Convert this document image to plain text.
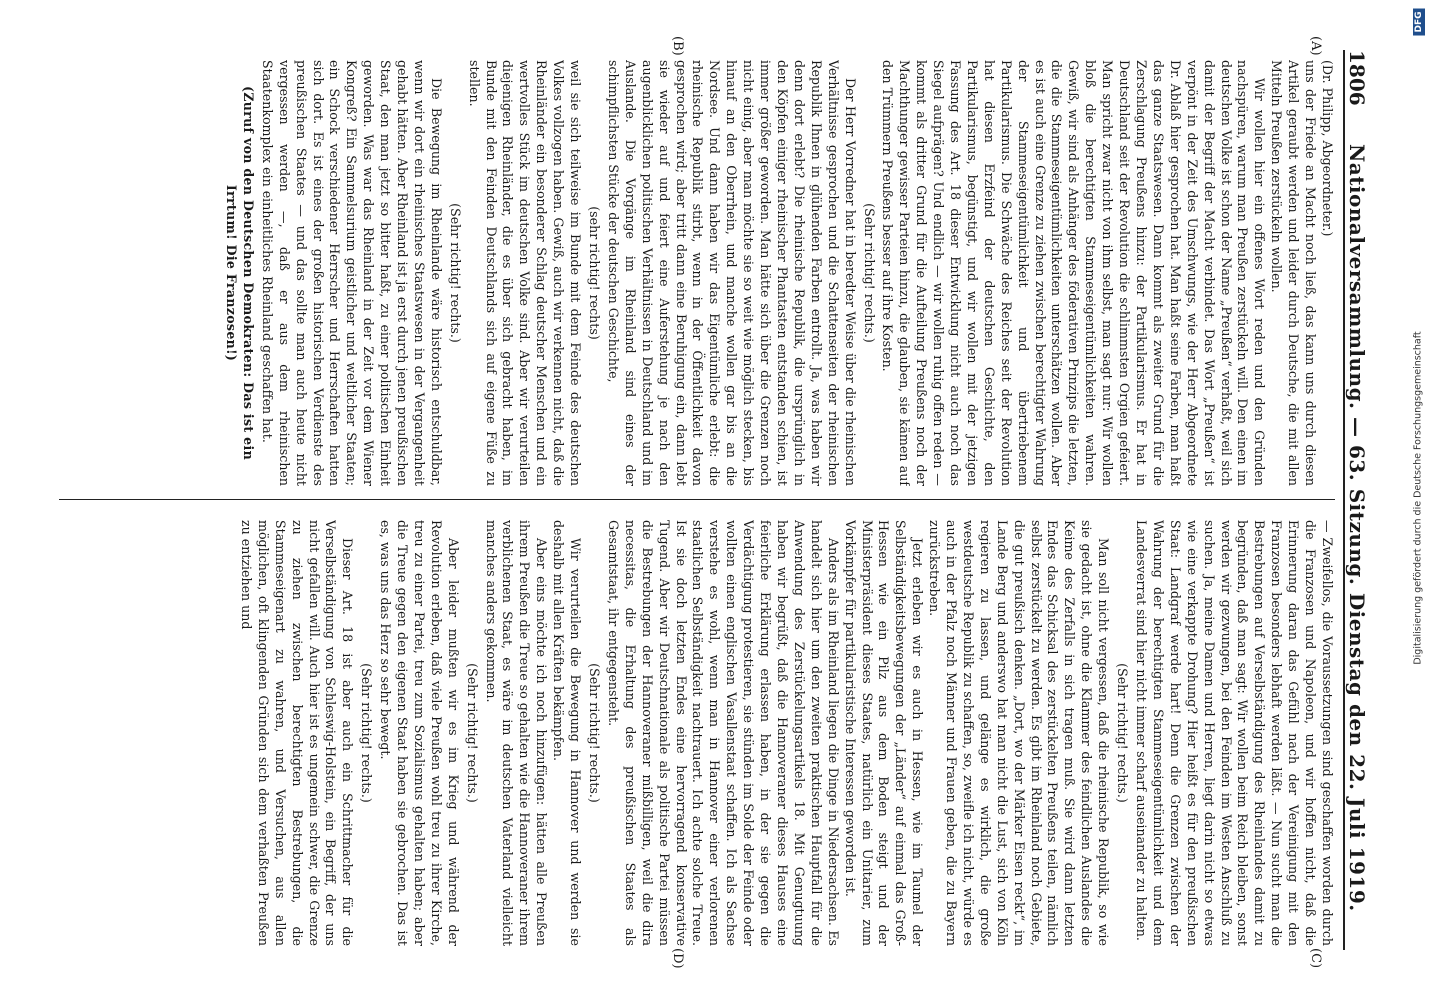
1806
Nationalversammlung. — 63. Sitzung. Dienstag den 22. Juli 1919.
(A)
(B)
(C)
(D)

(Dr. Philipp, Abgeordneter.)

uns der Friede an Macht noch ließ, das kann uns durch diesen Artikel geraubt werden und leider durch Deutsche, die mit allen Mitteln Preußen zerstückeln wollen.

Wir wollen hier ein offenes Wort reden und den Gründen nachspüren, warum man Preußen zerstückeln will. Den einen im deutschen Volke ist schon der Name „Preußen“ verhaßt, weil sich damit der Begriff der Macht verbindet. Das Wort „Preußen“ ist verpönt in der Zeit des Umschwungs, wie der Herr Abgeordnete Dr. Ablaß hier gesprochen hat. Man haßt seine Farben, man haßt das ganze Staatswesen. Dann kommt als zweiter Grund für die Zerschlagung Preußens hinzu: der Partikularismus. Er hat in Deutschland seit der Revolution die schlimmsten Orgien gefeiert. Man spricht zwar nicht von ihm selbst, man sagt nur: Wir wollen bloß die berechtigten Stammeseigentümlichkeiten wahren. Gewiß, wir sind als Anhänger des föderativen Prinzips die letzten, die die Stammeseigentümlichkeiten unterschätzen wollen. Aber es ist auch eine Grenze zu ziehen zwischen berechtigter Wahrung der Stammeseigentümlichkeit und übertriebenem Partikularismus. Die Schwäche des Reiches seit der Revolution hat diesen Erzfeind der deutschen Geschichte, den Partikularismus, begünstigt, und wir wollen mit der jetzigen Fassung des Art. 18 dieser Entwicklung nicht auch noch das Siegel aufprägen? Und endlich — wir wollen ruhig offen reden — kommt als dritter Grund für die Aufteilung Preußens noch der Machthunger gewisser Parteien hinzu, die glauben, sie kämen auf den Trümmern Preußens besser auf ihre Kosten.

(Sehr richtig! rechts.)

Der Herr Vorredner hat in beredter Weise über die rheinischen Verhältnisse gesprochen und die Schattenseiten der rheinischen Republik Ihnen in glühenden Farben entrollt. Ja, was haben wir denn dort erlebt? Die rheinische Republik, die ursprünglich in den Köpfen einiger rheinischer Phantasten entstanden schien, ist immer größer geworden. Man hätte sich über die Grenzen noch nicht einig, aber man möchte sie so weit wie möglich stecken, bis hinauf an den Oberrhein, und manche wollen gar bis an die Nordsee. Und dann haben wir das Eigentümliche erlebt: die rheinische Republik stirbt, wenn in der Öffentlichkeit davon gesprochen wird; aber tritt dann eine Beruhigung ein, dann lebt sie wieder auf und feiert eine Auferstehung je nach den augenblicklichen politischen Verhältnissen in Deutschland und im Auslande. Die Vorgänge im Rheinland sind eines der schimpflichsten Stücke der deutschen Geschichte,

(sehr richtig! rechts)

weil sie sich teilweise im Bunde mit dem Feinde des deutschen Volkes vollzogen haben. Gewiß, auch wir verkennen nicht, daß die Rheinländer ein besonderer Schlag deutscher Menschen und ein wertvolles Stück im deutschen Volke sind. Aber wir verurteilen diejenigen Rheinländer, die es über sich gebracht haben, im Bunde mit den Feinden Deutschlands sich auf eigene Füße zu stellen.

(Sehr richtig! rechts.)

Die Bewegung im Rheinlande wäre historisch entschuldbar, wenn wir dort ein rheinisches Staatswesen in der Vergangenheit gehabt hätten. Aber Rheinland ist ja erst durch jenen preußischen Staat, den man jetzt so bitter haßt, zu einer politischen Einheit geworden. Was war das Rheinland in der Zeit vor dem Wiener Kongreß? Ein Sammelsurium geistlicher und weltlicher Staaten; ein Schock verschiedener Herrscher und Herrschaften hatten sich dort. Es ist eines der großen historischen Verdienste des preußischen Staates — und das sollte man auch heute nicht vergessen werden —, daß er aus dem rheinischen Staatenkomplex ein einheitliches Rheinland geschaffen hat.

(Zuruf von den Deutschen Demokraten: Das ist ein Irrtum! Die Franzosen!)

— Zweifellos, die Voraussetzungen sind geschaffen worden durch die Franzosen und Napoleon, und wir hoffen nicht, daß die Erinnerung daran das Gefühl nach der Vereinigung mit den Franzosen besonders lebhaft werden läßt. — Nun sucht man die Bestrebungen auf Verselbständigung des Rheinlandes damit zu begründen, daß man sagt: Wir wollen beim Reich bleiben, sonst werden wir gezwungen, bei den Feinden im Westen Anschluß zu suchen. Ja, meine Damen und Herren, liegt darin nicht so etwas wie eine verkappte Drohung? Hier heißt es für den preußischen Staat: Landgraf werde hart! Denn die Grenzen zwischen der Wahrung der berechtigten Stammeseigentümlichkeit und dem Landesverrat sind hier nicht immer scharf auseinander zu halten.

(Sehr richtig! rechts.)

Man soll nicht vergessen, daß die rheinische Republik, so wie sie gedacht ist, ohne die Klammer des feindlichen Auslandes die Keime des Zerfalls in sich tragen muß. Sie wird dann letzten Endes das Schicksal des zerstückelten Preußens teilen, nämlich selbst zerstückelt zu werden. Es gibt im Rheinland noch Gebiete, die gut preußisch denken. „Dort, wo der Märker Eisen reckt“, im Lande Berg und anderswo hat man nicht die Lust, sich von Köln regieren zu lassen, und gelänge es wirklich, die große westdeutsche Republik zu schaffen, so, zweifle ich nicht, würde es auch in der Pfalz noch Männer und Frauen geben, die zu Bayern zurückstreben.

Jetzt erleben wir es auch in Hessen, wie im Taumel der Selbständigkeitsbewegungen der „Länder“ auf einmal das Groß-Hessen wie ein Pilz aus dem Boden steigt und der Ministerpräsident dieses Staates, natürlich ein Unitarier, zum Vorkämpfer für partikularistische Interessen geworden ist.

Anders als im Rheinland liegen die Dinge in Niedersachsen. Es handelt sich hier um den zweiten praktischen Hauptfall für die Anwendung des Zerstückelungsartikels 18. Mit Genugtuung haben wir begrüßt, daß die Hannoveraner dieses Hauses eine feierliche Erklärung erlassen haben, in der sie gegen die Verdächtigung protestieren, sie stünden im Solde der Feinde oder wollten einen englischen Vasallenstaat schaffen. Ich als Sachse verstehe es wohl, wenn man in Hannover einer verlorenen staatlichen Selbständigkeit nachtrauert. Ich achte solche Treue. Ist sie doch letzten Endes eine hervorragend konservative Tugend. Aber wir Deutschnationale als politische Partei müssen die Bestrebungen der Hannoveraner mißbilligen, weil die dira necessitas, die Erhaltung des preußischen Staates als Gesamtstaat, ihr entgegensteht.

(Sehr richtig! rechts.)

Wir verurteilen die Bewegung in Hannover und werden sie deshalb mit allen Kräften bekämpfen.

Aber eins möchte ich noch hinzufügen: hätten alle Preußen ihrem Preußen die Treue so gehalten wie die Hannoveraner ihrem verblichenen Staat, es wäre im deutschen Vaterland vielleicht manches anders gekommen.

(Sehr richtig! rechts.)

Aber leider mußten wir es im Krieg und während der Revolution erleben, daß viele Preußen wohl treu zu ihrer Kirche, treu zu einer Partei, treu zum Sozialismus gehalten haben; aber die Treue gegen den eigenen Staat haben sie gebrochen. Das ist es, was uns das Herz so sehr bewegt.

(Sehr richtig! rechts.)

Dieser Art. 18 ist aber auch ein Schrittmacher für die Verselbständigung von Schleswig-Holstein, ein Begriff, der uns nicht gefallen will. Auch hier ist es ungemein schwer, die Grenze zu ziehen zwischen berechtigten Bestrebungen, die Stammeseigenart zu wahren, und Versuchen, aus allen möglichen, oft klingenden Gründen sich dem verhaßten Preußen zu entziehen und	Digitalisierung gefördert durch die Deutsche Forschungsgemeinschaft
DFG
